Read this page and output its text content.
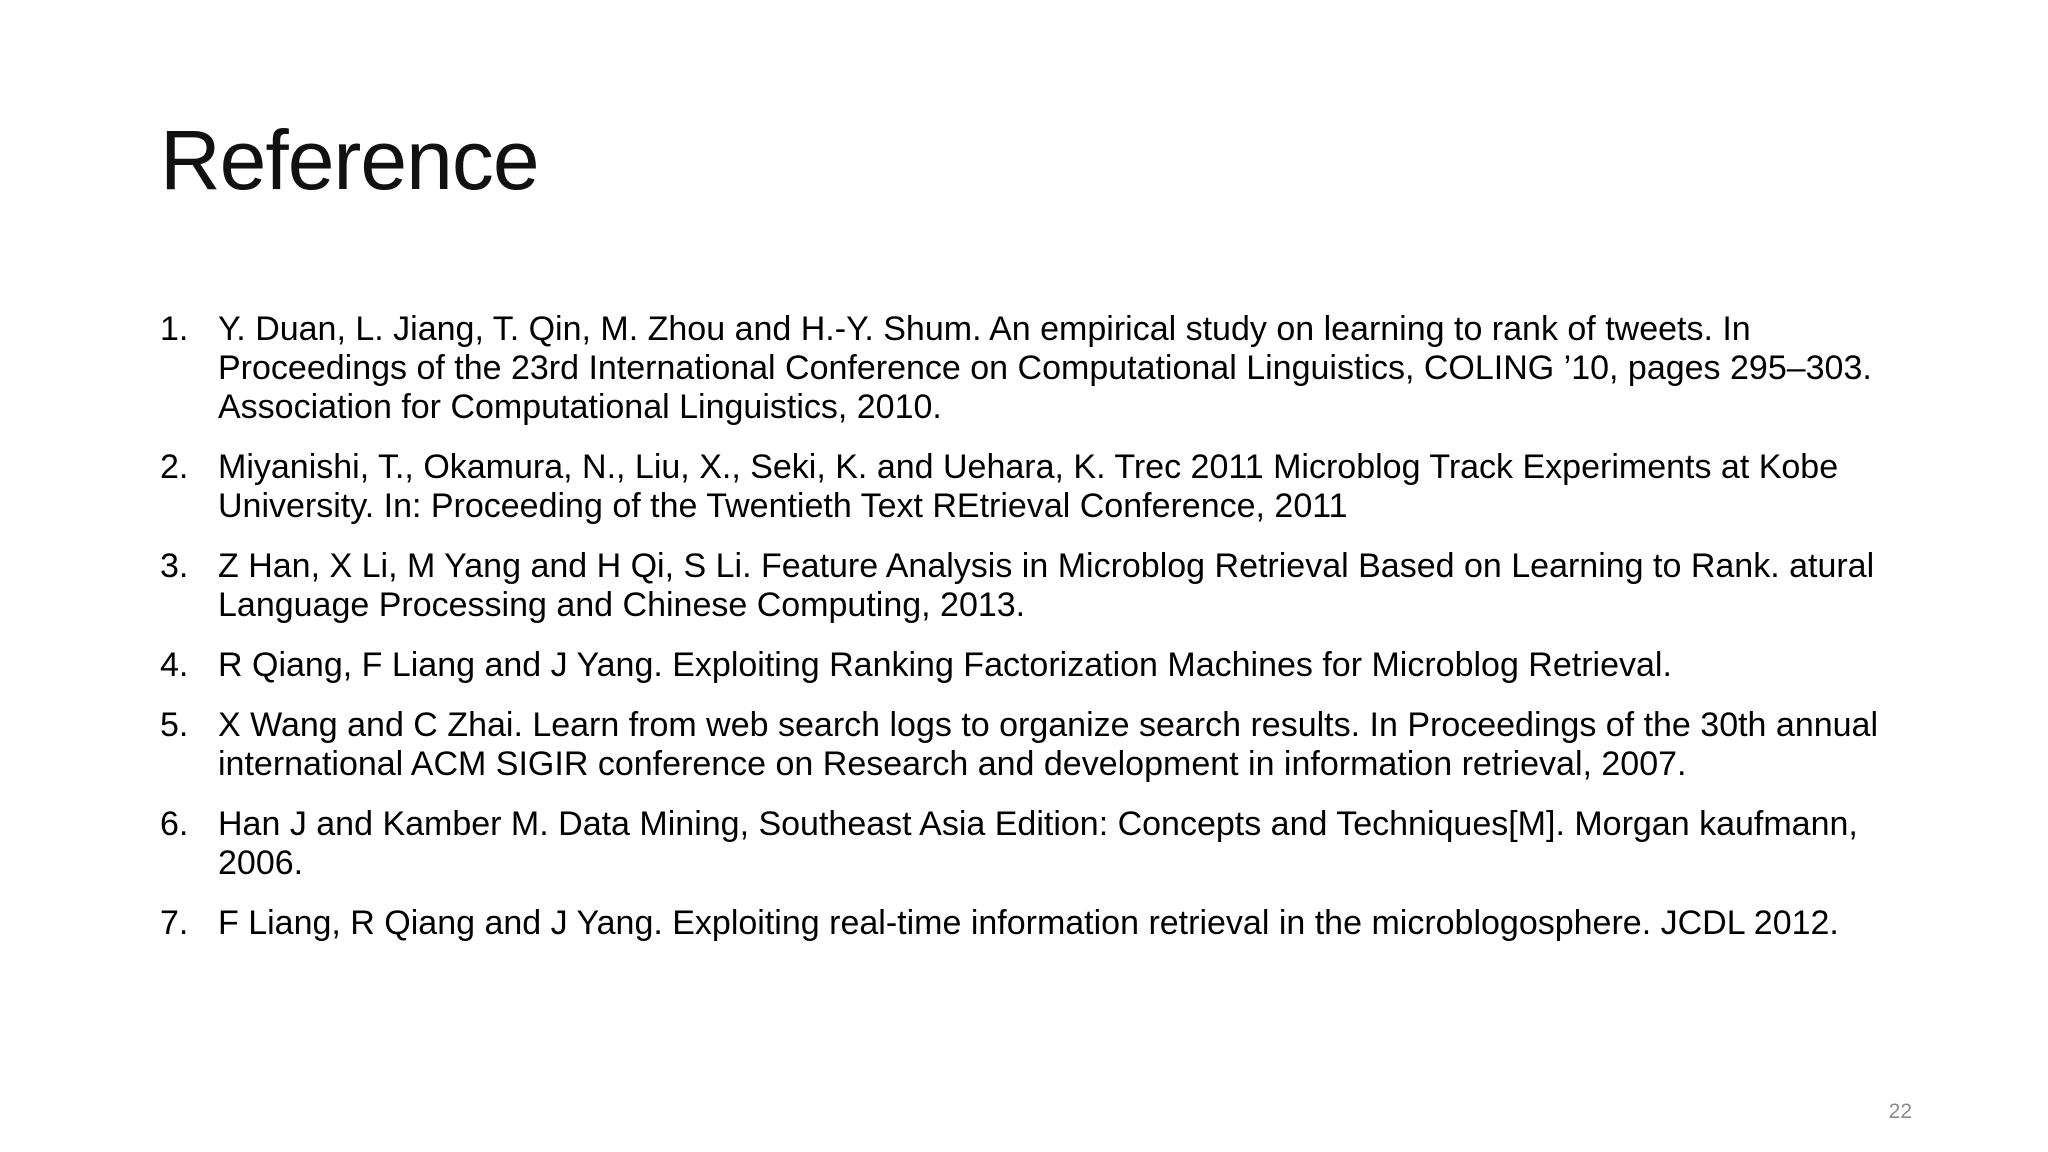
Reference
1. Y. Duan, L. Jiang, T. Qin, M. Zhou and H.-Y. Shum. An empirical study on learning to rank of tweets. In Proceedings of the 23rd International Conference on Computational Linguistics, COLING ’10, pages 295–303. Association for Computational Linguistics, 2010.
2. Miyanishi, T., Okamura, N., Liu, X., Seki, K. and Uehara, K. Trec 2011 Microblog Track Experiments at Kobe University. In: Proceeding of the Twentieth Text REtrieval Conference, 2011
3. Z Han, X Li, M Yang and H Qi, S Li. Feature Analysis in Microblog Retrieval Based on Learning to Rank. atural Language Processing and Chinese Computing, 2013.
4. R Qiang, F Liang and J Yang. Exploiting Ranking Factorization Machines for Microblog Retrieval.
5. X Wang and C Zhai. Learn from web search logs to organize search results. In Proceedings of the 30th annual international ACM SIGIR conference on Research and development in information retrieval, 2007.
6. Han J and Kamber M. Data Mining, Southeast Asia Edition: Concepts and Techniques[M]. Morgan kaufmann, 2006.
7. F Liang, R Qiang and J Yang. Exploiting real-time information retrieval in the microblogosphere. JCDL 2012.
22
